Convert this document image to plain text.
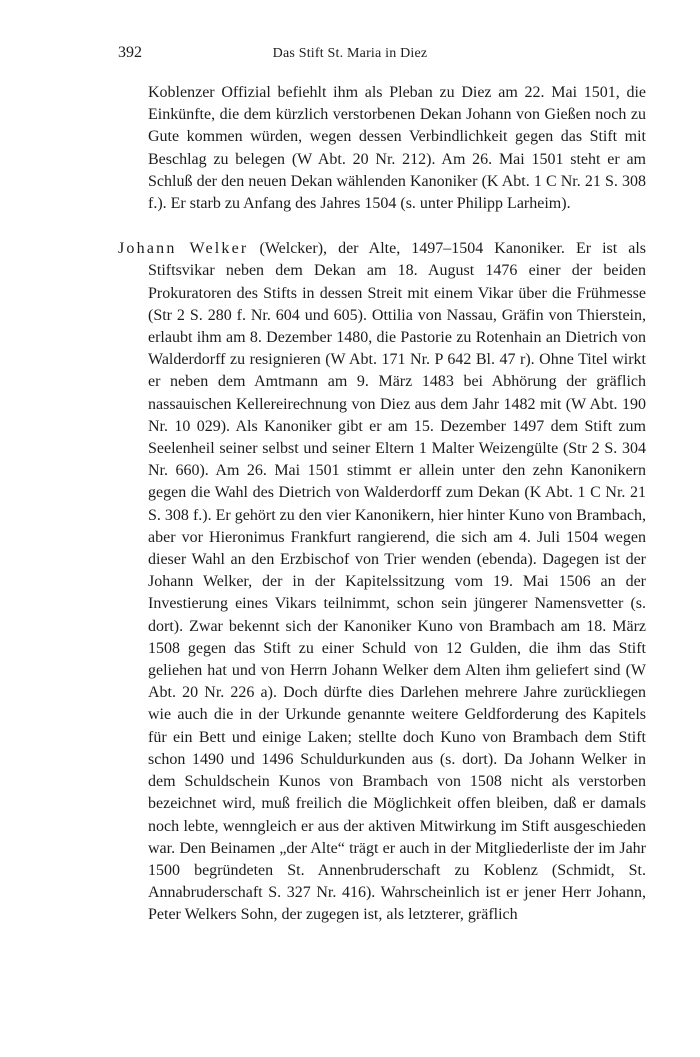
392	Das Stift St. Maria in Diez

Koblenzer Offizial befiehlt ihm als Pleban zu Diez am 22. Mai 1501, die Einkünfte, die dem kürzlich verstorbenen Dekan Johann von Gießen noch zu Gute kommen würden, wegen dessen Verbindlichkeit gegen das Stift mit Beschlag zu belegen (W Abt. 20 Nr. 212). Am 26. Mai 1501 steht er am Schluß der den neuen Dekan wählenden Kanoniker (K Abt. 1 C Nr. 21 S. 308 f.). Er starb zu Anfang des Jahres 1504 (s. unter Philipp Larheim).

Johann Welker (Welcker), der Alte, 1497–1504 Kanoniker. Er ist als Stiftsvikar neben dem Dekan am 18. August 1476 einer der beiden Prokuratoren des Stifts in dessen Streit mit einem Vikar über die Frühmesse (Str 2 S. 280 f. Nr. 604 und 605). Ottilia von Nassau, Gräfin von Thierstein, erlaubt ihm am 8. Dezember 1480, die Pastorie zu Rotenhain an Dietrich von Walderdorff zu resignieren (W Abt. 171 Nr. P 642 Bl. 47 r). Ohne Titel wirkt er neben dem Amtmann am 9. März 1483 bei Abhörung der gräflich nassauischen Kellereirechnung von Diez aus dem Jahr 1482 mit (W Abt. 190 Nr. 10 029). Als Kanoniker gibt er am 15. Dezember 1497 dem Stift zum Seelenheil seiner selbst und seiner Eltern 1 Malter Weizengülte (Str 2 S. 304 Nr. 660). Am 26. Mai 1501 stimmt er allein unter den zehn Kanonikern gegen die Wahl des Dietrich von Walderdorff zum Dekan (K Abt. 1 C Nr. 21 S. 308 f.). Er gehört zu den vier Kanonikern, hier hinter Kuno von Brambach, aber vor Hieronimus Frankfurt rangierend, die sich am 4. Juli 1504 wegen dieser Wahl an den Erzbischof von Trier wenden (ebenda). Dagegen ist der Johann Welker, der in der Kapitelssitzung vom 19. Mai 1506 an der Investierung eines Vikars teilnimmt, schon sein jüngerer Namensvetter (s. dort). Zwar bekennt sich der Kanoniker Kuno von Brambach am 18. März 1508 gegen das Stift zu einer Schuld von 12 Gulden, die ihm das Stift geliehen hat und von Herrn Johann Welker dem Alten ihm geliefert sind (W Abt. 20 Nr. 226 a). Doch dürfte dies Darlehen mehrere Jahre zurückliegen wie auch die in der Urkunde genannte weitere Geldforderung des Kapitels für ein Bett und einige Laken; stellte doch Kuno von Brambach dem Stift schon 1490 und 1496 Schuldurkunden aus (s. dort). Da Johann Welker in dem Schuldschein Kunos von Brambach von 1508 nicht als verstorben bezeichnet wird, muß freilich die Möglichkeit offen bleiben, daß er damals noch lebte, wenngleich er aus der aktiven Mitwirkung im Stift ausgeschieden war. Den Beinamen „der Alte“ trägt er auch in der Mitgliederliste der im Jahr 1500 begründeten St. Annenbruderschaft zu Koblenz (Schmidt, St. Annabruderschaft S. 327 Nr. 416). Wahrscheinlich ist er jener Herr Johann, Peter Welkers Sohn, der zugegen ist, als letzterer, gräflich
